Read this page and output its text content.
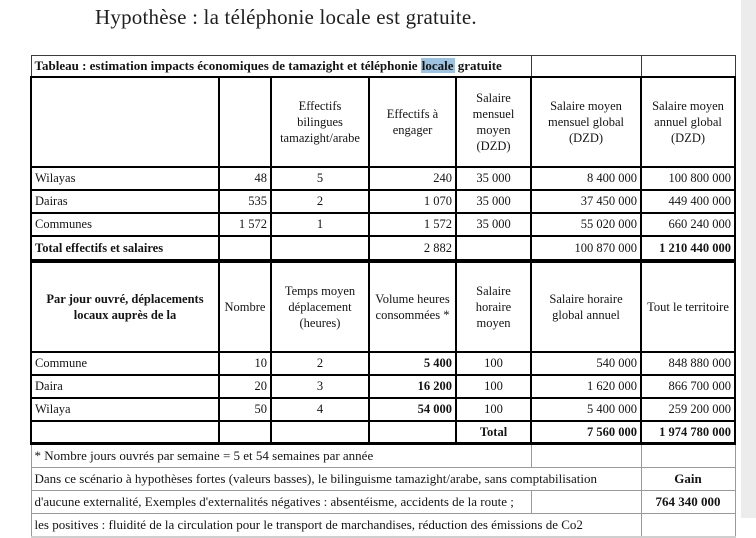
Hypothèse : la téléphonie locale est gratuite.
Tableau : estimation impacts économiques de tamazight et téléphonie locale gratuite						
		Effectifs bilingues tamazight/arabe	Effectifs à engager	Salaire mensuel moyen (DZD)	Salaire moyen mensuel global (DZD)	Salaire moyen annuel global (DZD)
Wilayas	48	5	240	35 000	8 400 000	100 800 000
Dairas	535	2	1 070	35 000	37 450 000	449 400 000
Communes	1 572	1	1 572	35 000	55 020 000	660 240 000
Total effectifs et salaires			2 882		100 870 000	1 210 440 000
Par jour ouvré, déplacements locaux auprès de la	Nombre	Temps moyen déplacement (heures)	Volume heures consommées *	Salaire horaire moyen	Salaire horaire global annuel	Tout le territoire
Commune	10	2	5 400	100	540 000	848 880 000
Daira	20	3	16 200	100	1 620 000	866 700 000
Wilaya	50	4	54 000	100	5 400 000	259 200 000
				Total	7 560 000	1 974 780 000
* Nombre jours ouvrés par semaine = 5 et 54 semaines par année						
Dans ce scénario à hypothèses fortes (valeurs basses), le bilinguisme tamazight/arabe, sans comptabilisation						Gain
d'aucune externalité, Exemples d'externalités négatives : absentéisme, accidents de la route ;						764 340 000
les positives : fluidité de la circulation pour le transport de marchandises, réduction des émissions de Co2						
